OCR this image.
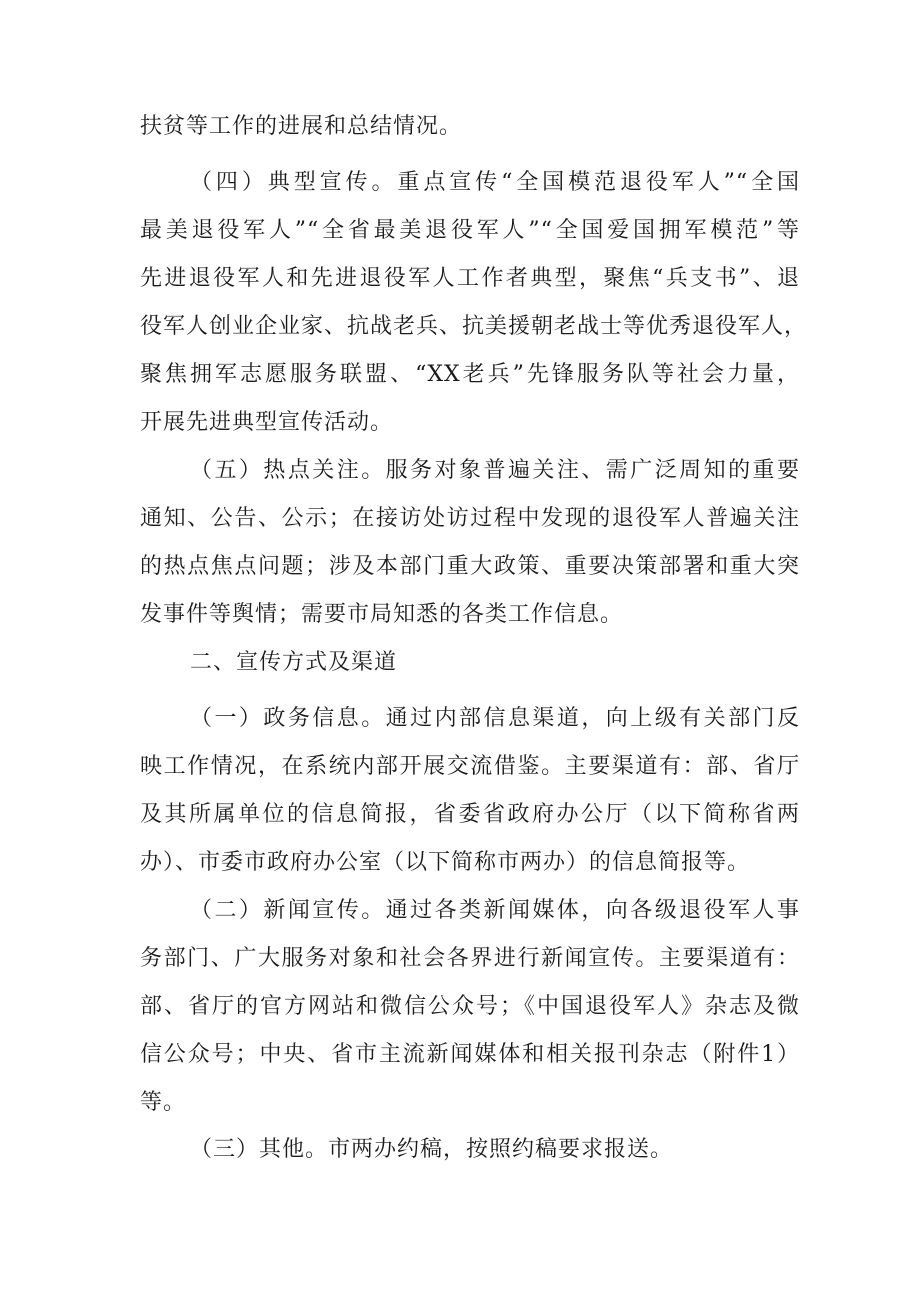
扶贫等工作的进展和总结情况。

（四）典型宣传。重点宣传“全国模范退役军人”“全国
最美退役军人”“全省最美退役军人”“全国爱国拥军模范”等
先进退役军人和先进退役军人工作者典型，聚焦“兵支书”、退
役军人创业企业家、抗战老兵、抗美援朝老战士等优秀退役军人，
聚焦拥军志愿服务联盟、“XX老兵”先锋服务队等社会力量，
开展先进典型宣传活动。

（五）热点关注。服务对象普遍关注、需广泛周知的重要
通知、公告、公示；在接访处访过程中发现的退役军人普遍关注
的热点焦点问题；涉及本部门重大政策、重要决策部署和重大突
发事件等舆情；需要市局知悉的各类工作信息。

二、宣传方式及渠道

（一）政务信息。通过内部信息渠道，向上级有关部门反
映工作情况，在系统内部开展交流借鉴。主要渠道有：部、省厅
及其所属单位的信息简报，省委省政府办公厅（以下简称省两
办）、市委市政府办公室（以下简称市两办）的信息简报等。

（二）新闻宣传。通过各类新闻媒体，向各级退役军人事
务部门、广大服务对象和社会各界进行新闻宣传。主要渠道有：
部、省厅的官方网站和微信公众号；《中国退役军人》杂志及微
信公众号；中央、省市主流新闻媒体和相关报刊杂志（附件1）
等。

（三）其他。市两办约稿，按照约稿要求报送。
